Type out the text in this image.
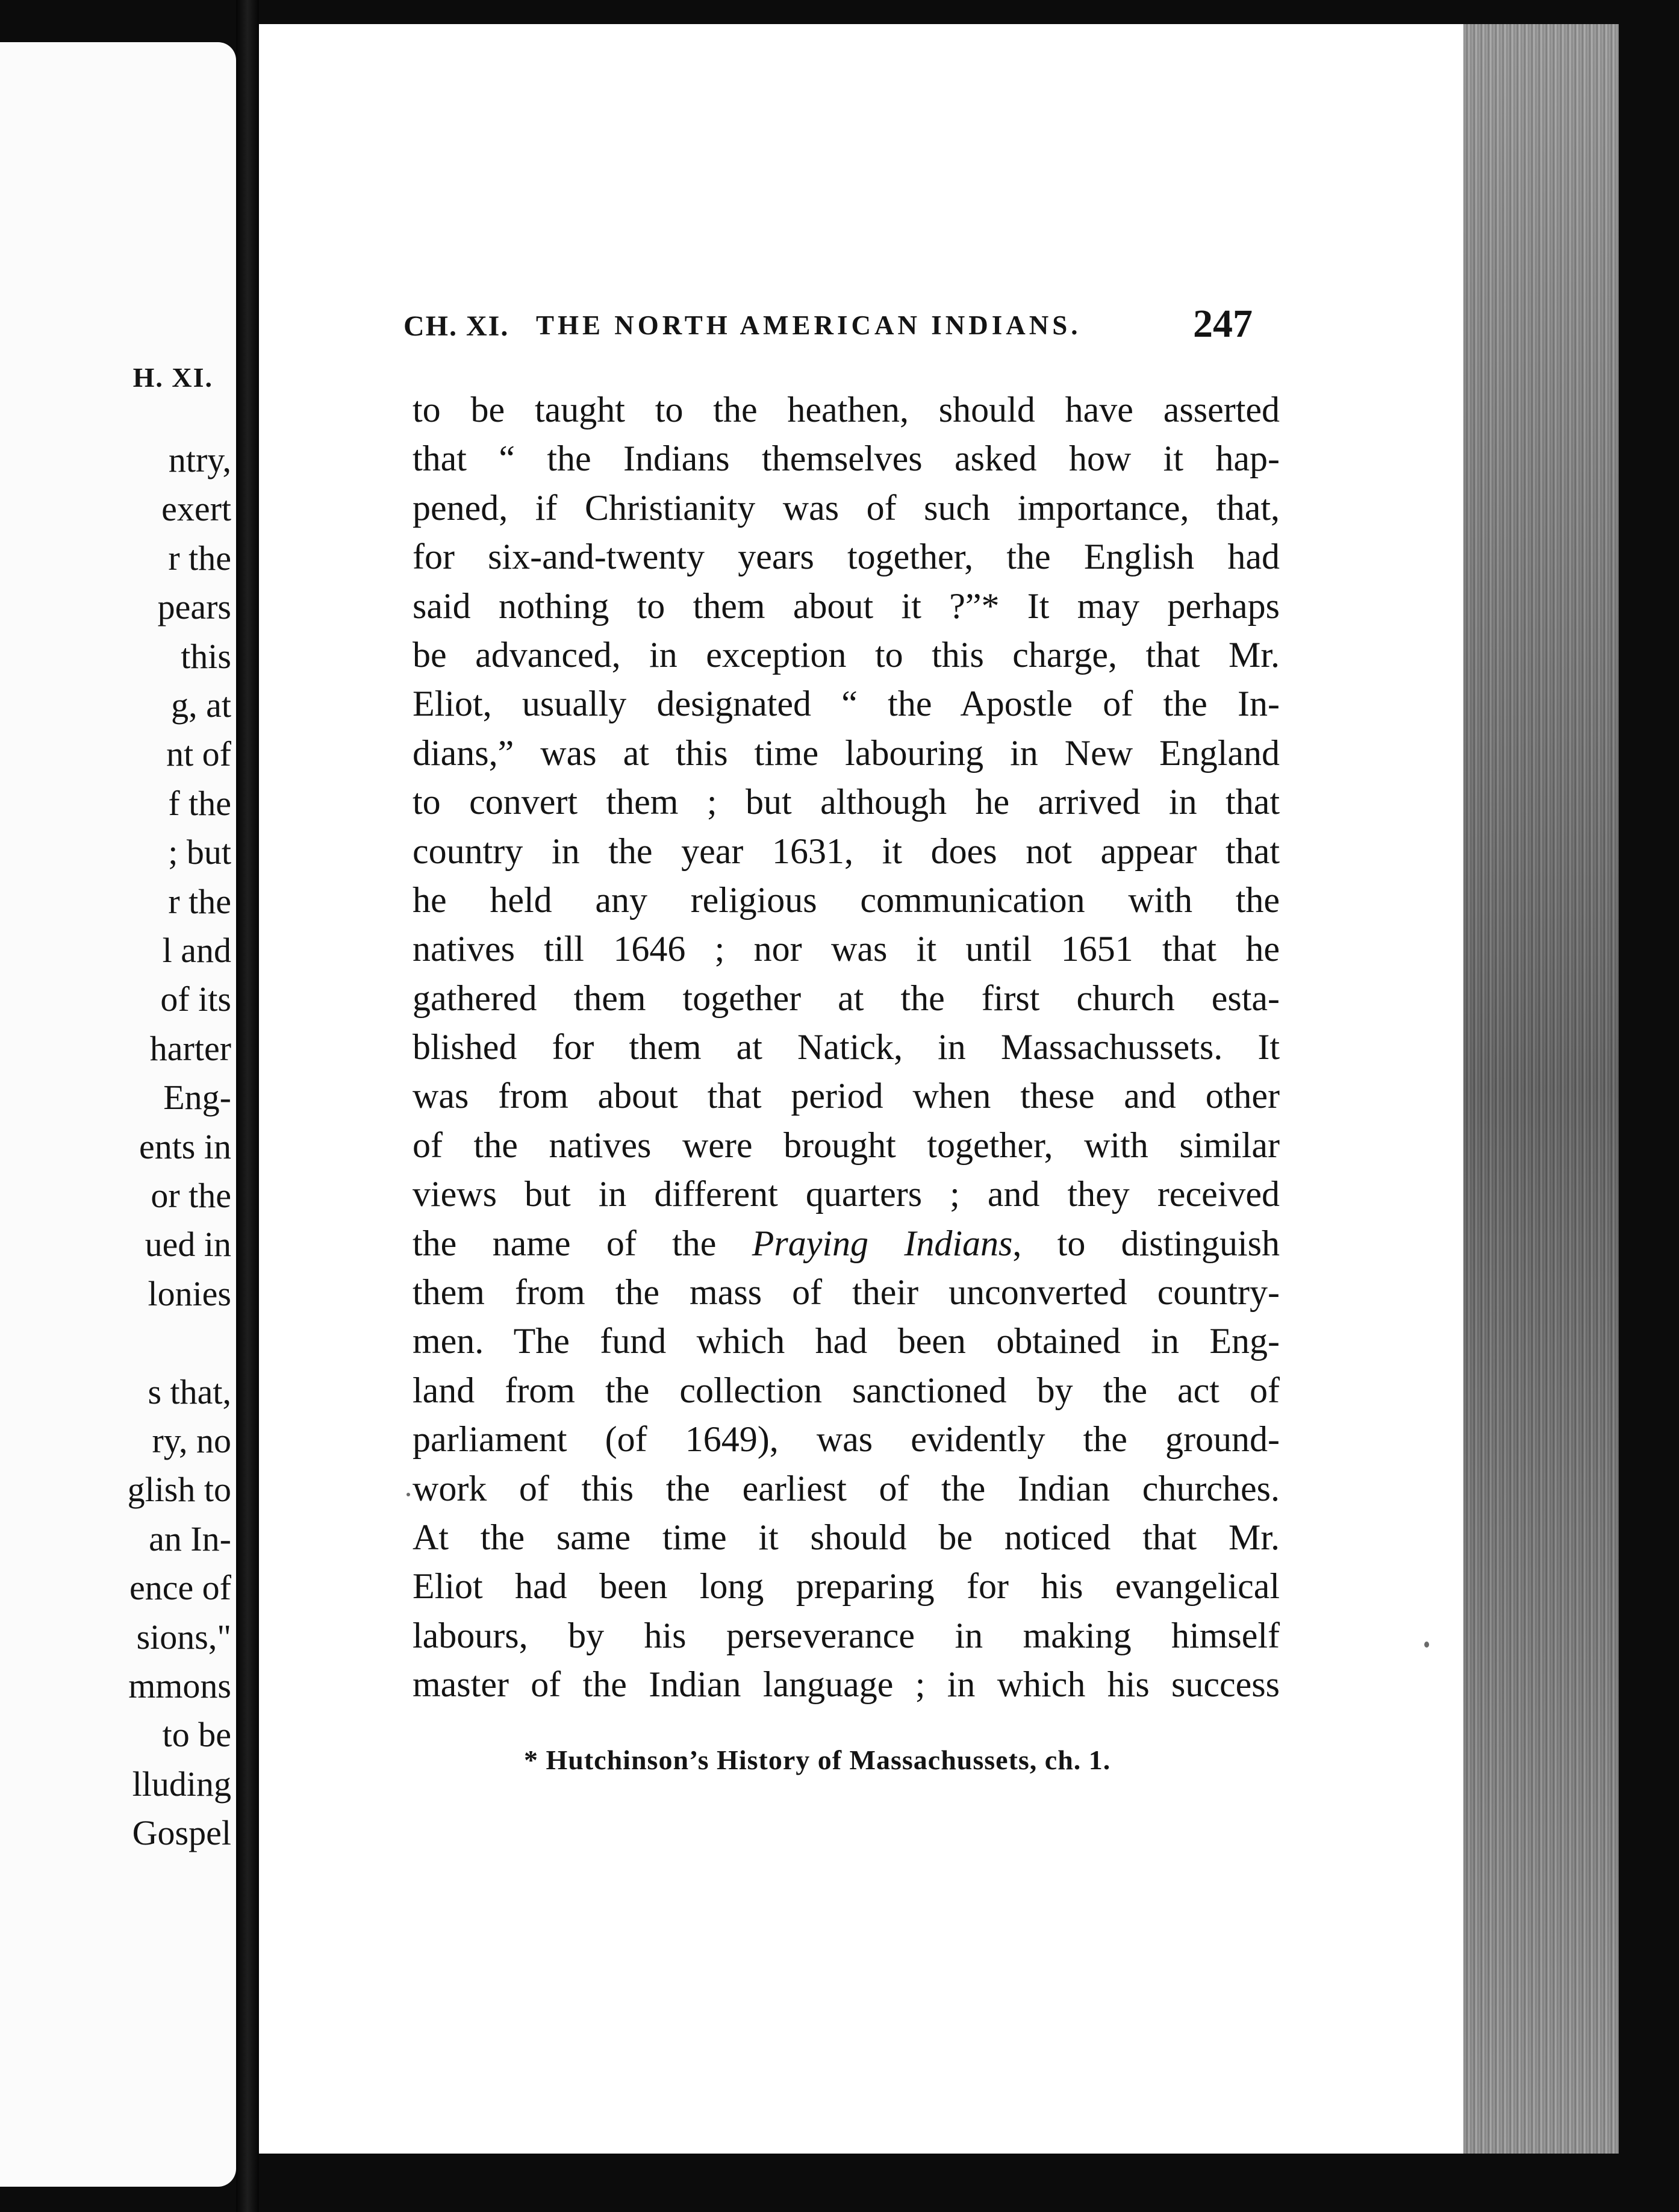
H. XI.
ntry,
exert
r the
pears
this
g, at
nt of
f the
; but
r the
l and
of its
harter
Eng-
ents in
or the
ued in
lonies
s that,
ry, no
glish to
an In-
ence of
sions,"
mmons
to be
lluding
Gospel
CH. XI. THE NORTH AMERICAN INDIANS.	247
to be taught to the heathen, should have asserted
that “ the Indians themselves asked how it hap-
pened, if Christianity was of such importance, that,
for six-and-twenty years together, the English had
said nothing to them about it ?”* It may perhaps
be advanced, in exception to this charge, that Mr.
Eliot, usually designated “ the Apostle of the In-
dians,” was at this time labouring in New England
to convert them ; but although he arrived in that
country in the year 1631, it does not appear that
he held any religious communication with the
natives till 1646 ; nor was it until 1651 that he
gathered them together at the first church esta-
blished for them at Natick, in Massachussets. It
was from about that period when these and other
of the natives were brought together, with similar
views but in different quarters ; and they received
the name of the Praying Indians, to distinguish
them from the mass of their unconverted country-
men. The fund which had been obtained in Eng-
land from the collection sanctioned by the act of
parliament (of 1649), was evidently the ground-
work of this the earliest of the Indian churches.
At the same time it should be noticed that Mr.
Eliot had been long preparing for his evangelical
labours, by his perseverance in making himself
master of the Indian language ; in which his success
* Hutchinson’s History of Massachussets, ch. 1.
